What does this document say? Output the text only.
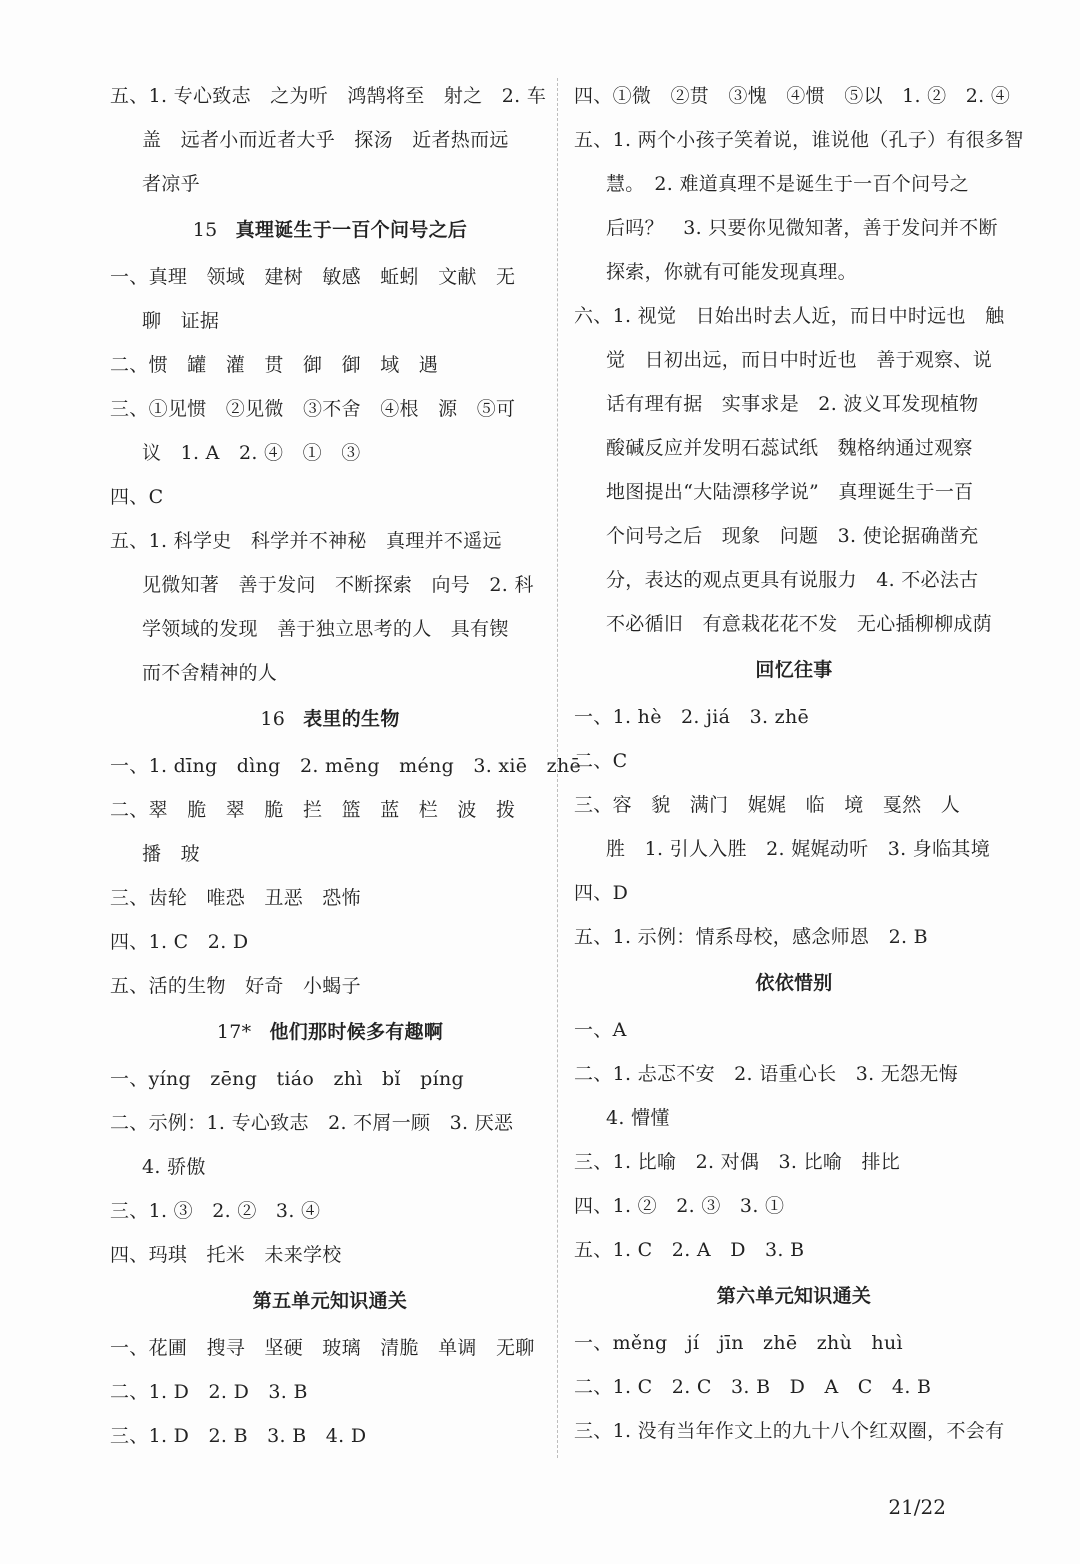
五、1. 专心致志　之为听　鸿鹄将至　射之　2. 车
盖　远者小而近者大乎　探汤　近者热而远
者凉乎
15 真理诞生于一百个问号之后
一、真理　领域　建树　敏感　蚯蚓　文献　无
聊　证据
二、惯　罐　灌　贯　御　御　域　遇
三、①见惯　②见微　③不舍　④根　源　⑤可
议　1. A　2. ④　①　③
四、C
五、1. 科学史　科学并不神秘　真理并不遥远
见微知著　善于发问　不断探索　向号　2. 科
学领域的发现　善于独立思考的人　具有锲
而不舍精神的人
16 表里的生物
一、1. dīng　dìng　2. mēng　méng　3. xiē　zhē
二、翠　脆　翠　脆　拦　篮　蓝　栏　波　拨
播　玻
三、齿轮　唯恐　丑恶　恐怖
四、1. C　2. D
五、活的生物　好奇　小蝎子
17* 他们那时候多有趣啊
一、yíng　zēng　tiáo　zhì　bǐ　píng
二、示例：1. 专心致志　2. 不屑一顾　3. 厌恶
4. 骄傲
三、1. ③　2. ②　3. ④
四、玛琪　托米　未来学校
第五单元知识通关
一、花圃　搜寻　坚硬　玻璃　清脆　单调　无聊
二、1. D　2. D　3. B
三、1. D　2. B　3. B　4. D
四、①微　②贯　③愧　④惯　⑤以　1. ②　2. ④
五、1. 两个小孩子笑着说，谁说他（孔子）有很多智
慧。　2. 难道真理不是诞生于一百个问号之
后吗？　3. 只要你见微知著，善于发问并不断
探索，你就有可能发现真理。
六、1. 视觉　日始出时去人近，而日中时远也　触
觉　日初出远，而日中时近也　善于观察、说
话有理有据　实事求是　2. 波义耳发现植物
酸碱反应并发明石蕊试纸　魏格纳通过观察
地图提出“大陆漂移学说”　真理诞生于一百
个问号之后　现象　问题　3. 使论据确凿充
分，表达的观点更具有说服力　4. 不必法古
不必循旧　有意栽花花不发　无心插柳柳成荫
回忆往事
一、1. hè　2. jiá　3. zhē
二、C
三、容　貌　满门　娓娓　临　境　戛然　人
胜　1. 引人入胜　2. 娓娓动听　3. 身临其境
四、D
五、1. 示例：情系母校，感念师恩　2. B
依依惜别
一、A
二、1. 忐忑不安　2. 语重心长　3. 无怨无悔
4. 懵懂
三、1. 比喻　2. 对偶　3. 比喻　排比
四、1. ②　2. ③　3. ①
五、1. C　2. A　D　3. B
第六单元知识通关
一、měng　jí　jīn　zhē　zhù　huì
二、1. C　2. C　3. B　D　A　C　4. B
三、1. 没有当年作文上的九十八个红双圈，不会有
21/22
